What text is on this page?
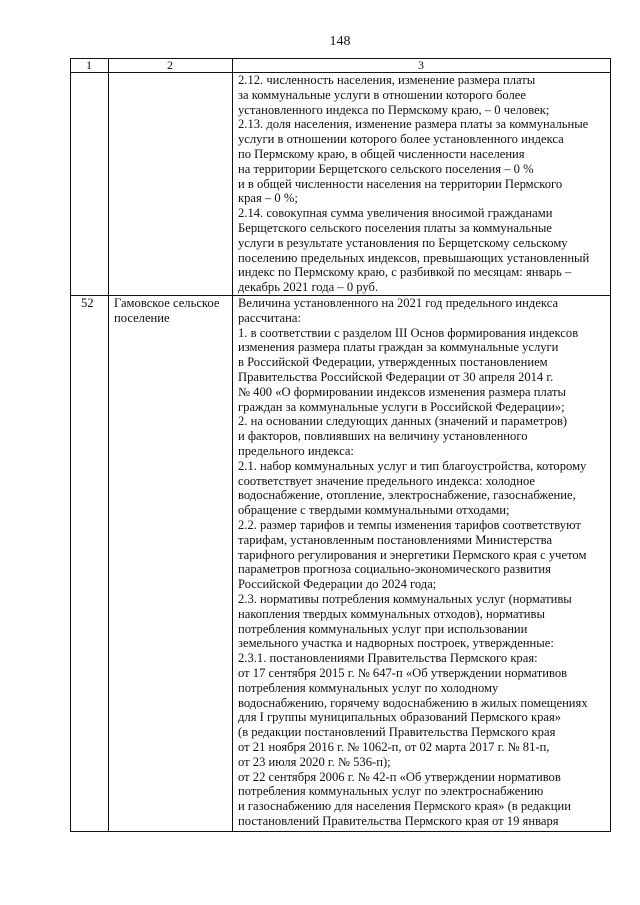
148
1	2	3
2.12. численность населения, изменение размера платы
за коммунальные услуги в отношении которого более
установленного индекса по Пермскому краю, – 0 человек;
2.13. доля населения, изменение размера платы за коммунальные
услуги в отношении которого более установленного индекса
по Пермскому краю, в общей численности населения
на территории Берщетского сельского поселения – 0 %
и в общей численности населения на территории Пермского
края – 0 %;
2.14. совокупная сумма увеличения вносимой гражданами
Берщетского сельского поселения платы за коммунальные
услуги в результате установления по Берщетскому сельскому
поселению предельных индексов, превышающих установленный
индекс по Пермскому краю, с разбивкой по месяцам: январь –
декабрь 2021 года – 0 руб.
52 Гамовское сельское
поселение
Величина установленного на 2021 год предельного индекса
рассчитана:
1. в соответствии с разделом III Основ формирования индексов
изменения размера платы граждан за коммунальные услуги
в Российской Федерации, утвержденных постановлением
Правительства Российской Федерации от 30 апреля 2014 г.
№ 400 «О формировании индексов изменения размера платы
граждан за коммунальные услуги в Российской Федерации»;
2. на основании следующих данных (значений и параметров)
и факторов, повлиявших на величину установленного
предельного индекса:
2.1. набор коммунальных услуг и тип благоустройства, которому
соответствует значение предельного индекса: холодное
водоснабжение, отопление, электроснабжение, газоснабжение,
обращение с твердыми коммунальными отходами;
2.2. размер тарифов и темпы изменения тарифов соответствуют
тарифам, установленным постановлениями Министерства
тарифного регулирования и энергетики Пермского края с учетом
параметров прогноза социально-экономического развития
Российской Федерации до 2024 года;
2.3. нормативы потребления коммунальных услуг (нормативы
накопления твердых коммунальных отходов), нормативы
потребления коммунальных услуг при использовании
земельного участка и надворных построек, утвержденные:
2.3.1. постановлениями Правительства Пермского края:
от 17 сентября 2015 г. № 647-п «Об утверждении нормативов
потребления коммунальных услуг по холодному
водоснабжению, горячему водоснабжению в жилых помещениях
для I группы муниципальных образований Пермского края»
(в редакции постановлений Правительства Пермского края
от 21 ноября 2016 г. № 1062-п, от 02 марта 2017 г. № 81-п,
от 23 июля 2020 г. № 536-п);
от 22 сентября 2006 г. № 42-п «Об утверждении нормативов
потребления коммунальных услуг по электроснабжению
и газоснабжению для населения Пермского края» (в редакции
постановлений Правительства Пермского края от 19 января
